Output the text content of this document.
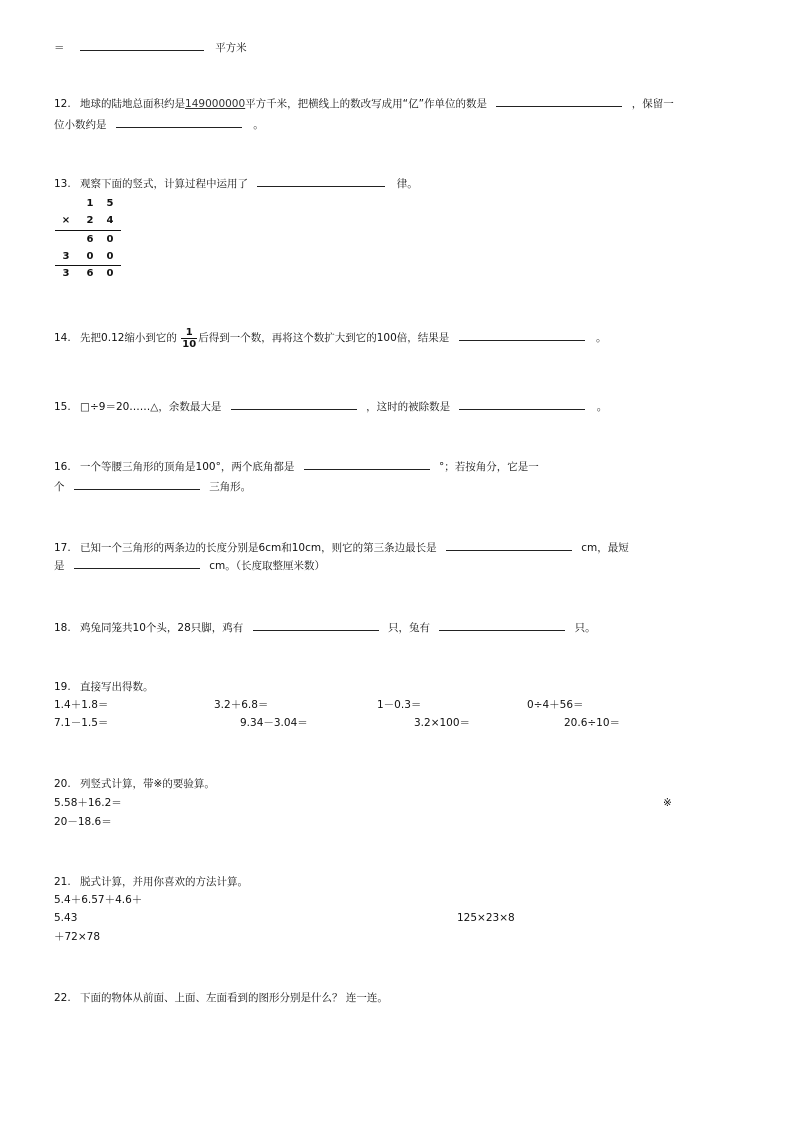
＝	平方米
12. 地球的陆地总面积约是149000000平方千米，把横线上的数改写成用“亿”作单位的数是	，保留一
位小数约是	。
13. 观察下面的竖式，计算过程中运用了	律。
1 5
× 2 4
6 0
3 0 0
3 6 0
14. 先把0.12缩小到它的 $\frac{1}{10}$ 后得到一个数，再将这个数扩大到它的100倍，结果是	。
15. □÷9＝20……△，余数最大是	，这时的被除数是	。
16. 一个等腰三角形的顶角是100°，两个底角都是	°；若按角分，它是一
个	三角形。
17. 已知一个三角形的两条边的长度分别是6cm和10cm，则它的第三条边最长是	cm，最短
是	cm。（长度取整厘米数）
18. 鸡兔同笼共10个头，28只脚，鸡有	只，兔有	只。
19. 直接写出得数。
1.4＋1.8＝	3.2＋6.8＝	1－0.3＝	0÷4＋56＝
7.1－1.5＝	9.34－3.04＝	3.2×100＝	20.6÷10＝
20. 列竖式计算，带※的要验算。
5.58＋16.2＝	※
20－18.6＝
21. 脱式计算，并用你喜欢的方法计算。
5.4＋6.57＋4.6＋
5.43	125×23×8
＋72×78
22. 下面的物体从前面、上面、左面看到的图形分别是什么？ 连一连。
